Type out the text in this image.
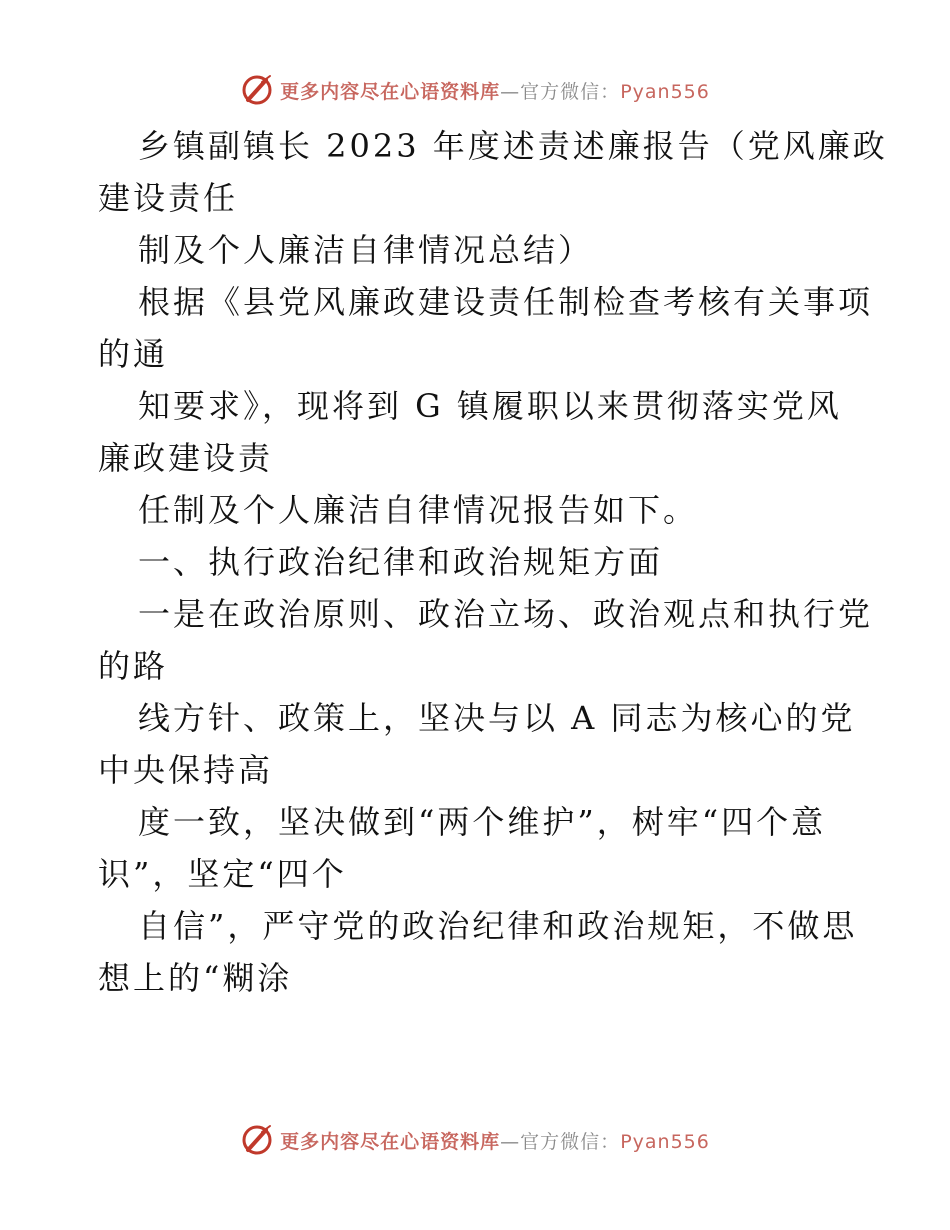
更多内容尽在心语资料库—官方微信：Pyan556
乡镇副镇长 2023 年度述责述廉报告（党风廉政
建设责任
制及个人廉洁自律情况总结）
根据《县党风廉政建设责任制检查考核有关事项
的通
知要求》，现将到 G 镇履职以来贯彻落实党风
廉政建设责
任制及个人廉洁自律情况报告如下。
一、执行政治纪律和政治规矩方面
一是在政治原则、政治立场、政治观点和执行党
的路
线方针、政策上，坚决与以 A 同志为核心的党
中央保持高
度一致，坚决做到“两个维护”，树牢“四个意
识”，坚定“四个
自信”，严守党的政治纪律和政治规矩，不做思
想上的“糊涂
更多内容尽在心语资料库—官方微信：Pyan556
